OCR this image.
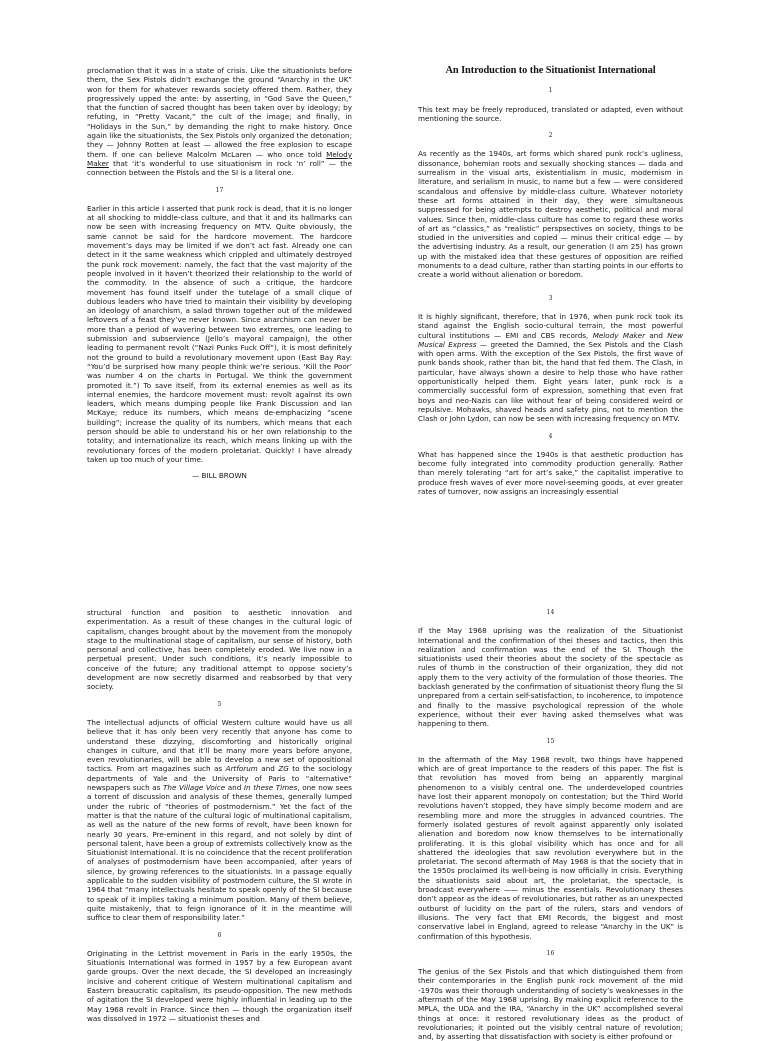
proclamation that it was in a state of crisis. Like the situationists before them, the Sex Pistols didn’t exchange the ground “Anarchy in the UK” won for them for whatever rewards society offered them. Rather, they progressively upped the ante: by asserting, in “God Save the Queen,” that the function of sacred thought has been taken over by ideology; by refuting, in “Pretty Vacant,” the cult of the image; and finally, in “Holidays in the Sun,” by demanding the right to make history. Once again like the situationists, the Sex Pistols only organized the detonation; they — Johnny Rotten at least — allowed the free explosion to escape them. If one can believe Malcolm McLaren — who once told Melody Maker that ‘it’s wonderful to use situationism in rock ‘n’ roll” — the connection between the Pistols and the SI is a literal one.

17

Earlier in this article I asserted that punk rock is dead, that it is no longer at all shocking to middle-class culture, and that it and its hallmarks can now be seen with increasing frequency on MTV. Quite obviously, the same cannot be said for the hardcore movement. The hardcore movement’s days may be limited if we don’t act fast. Already one can detect in it the same weakness which crippled and ultimately destroyed the punk rock movement: namely, the fact that the vast majority of the people involved in it haven’t theorized their relationship to the world of the commodity. In the absence of such a critique, the hardcore movement has found itself under the tutelage of a small clique of dubious leaders who have tried to maintain their visibility by developing an ideology of anarchism, a salad thrown together out of the mildewed leftovers of a feast they’ve never known. Since anarchism can never be more than a period of wavering between two extremes, one leading to submission and subservience (Jello’s mayoral campaign), the other leading to permanent revolt (“Nazi Punks Fuck Off”), it is most definitely not the ground to build a revolutionary movement upon (East Bay Ray: “You’d be surprised how many people think we’re serious. ‘Kill the Poor’ was number 4 on the charts in Portugal. We think the government promoted it.”) To save itself, from its external enemies as well as its internal enemies, the hardcore movement must: revolt against its own leaders, which means dumping people like Frank Discussion and Ian McKaye; reduce its numbers, which means de-emphacizing “scene building”; increase the quality of its numbers, which means that each person should be able to understand his or her own relationship to the totality; and internationalize its reach, which means linking up with the revolutionary forces of the modern proletariat. Quickly! I have already taken up too much of your time.

— BILL BROWN
An Introduction to the Situationist International
1

This text may be freely reproduced, translated or adapted, even without mentioning the source.

2

As recently as the 1940s, art forms which shared punk rock’s ugliness, dissonance, bohemian roots and sexually shocking stances — dada and surrealism in the visual arts, existentialism in music, modernism in literature, and serialism in music, to name but a few — were considered scandalous and offensive by middle-class culture. Whatever notoriety these art forms attained in their day, they were simultaneous suppressed for being attempts to destroy aesthetic, political and moral values. Since then, middle-class culture has come to regard these works of art as “classics,” as “realistic” perspsectives on society, things to be studied in the universities and copied — minus their critical edge — by the advertising industry. As a result, our generation (I am 25) has grown up with the mistaked idea that these gestures of opposition are reified monuments to a dead culture, rather than starting points in our efforts to create a world without alienation or boredom.

3

It is highly significant, therefore, that in 1976, when punk rock took its stand against the English socio-cultural terrain, the most powerful cultural institutions — EMI and CBS records, Melody Maker and New Musical Express — greeted the Damned, the Sex Pistols and the Clash with open arms. With the exception of the Sex Pistols, the first wave of punk bands shook, rather than bit, the hand that fed them. The Clash, in particular, have always shown a desire to help those who have rather opportunistically helped them. Eight years later, punk rock is a commercially successful form of expression, something that even frat boys and neo-Nazis can like without fear of being considered weird or repulsive. Mohawks, shaved heads and safety pins, not to mention the Clash or John Lydon, can now be seen with increasing frequency on MTV.

4

What has happened since the 1940s is that aesthetic production has become fully integrated into commodity production generally. Rather than merely tolerating “art for art’s sake,” the capitalist imperative to produce fresh waves of ever more novel-seeming goods, at ever greater rates of turnover, now assigns an increasingly essential

structural function and position to aesthetic innovation and experimentation. As a result of these changes in the cultural logic of capitalism, changes brought about by the movement from the monopoly stage to the multinational stage of capitalism, our sense of history, both personal and collective, has been completely eroded. We live now in a perpetual present. Under such conditions, it’s nearly impossible to conceive of the future; any traditional attempt to oppose society’s development are now secretly disarmed and reabsorbed by that very society.

5

The intellectual adjuncts of official Western culture would have us all believe that it has only been very recently that anyone has come to understand these dizzying, discomforting and historically original changes in culture, and that it’ll be many more years before anyone, even revolutionaries, will be able to develop a new set of oppositional tactics. From art magazines such as Artforum and ZG to the sociology departments of Yale and the University of Paris to “alternative” newspapers such as The Village Voice and In these Times, one now sees a torrent of discussion and analysis of these themes, generally lumped under the rubric of “theories of postmodernism.” Yet the fact of the matter is that the nature of the cultural logic of multinational capitalism, as well as the nature of the new forms of revolt, have been known for nearly 30 years. Pre-eminent in this regard, and not solely by dint of personal talent, have been a group of extremists collectively know as the Situationist International. It is no coincidence that the recent proliferation of analyses of postmodernism have been accompanied, after years of silence, by growing references to the situationists. In a passage equally applicable to the sudden visibility of postmodern culture, the SI wrote in 1964 that “many intellectuals hesitate to speak openly of the SI because to speak of it implies taking a minimum position. Many of them believe, quite mistakenly, that to feign ignorance of it in the meantime will suffice to clear them of responsibility later.”

6

Originating in the Lettrist movement in Paris in the early 1950s, the Situationis International was formed in 1957 by a few European avant garde groups. Over the next decade, the SI developed an increasingly incisive and coherent critique of Western multinational capitalism and Eastern breaucratic capitalism, its pseudo-opposition. The new methods of agitation the SI developed were highly influential in leading up to the May 1968 revolt in France. Since then — though the organization itself was dissolved in 1972 — situationist theses and

14

If the May 1968 uprising was the realization of the Situationist International and the confirmation of thei theses and tactics, then this realization and confirmation was the end of the SI. Though the situationists used their theories about the society of the spectacle as rules of thumb in the construction of their organization, they did not apply them to the very activity of the formulation of those theories. The backlash generated by the confirmation of situationist theory flung the SI unprepared from a certain self-satisfaction, to incoherence, to impotence and finally to the massive psychological repression of the whole experience, without their ever having asked themselves what was happening to them.

15

In the aftermath of the May 1968 revolt, two things have happened which are of great importance to the readers of this paper. The fist is that revolution has moved from being an apparently marginal phenomenon to a visibly central one. The underdeveloped countries have lost their apparent monopoly on contestation; but the Third World revolutions haven’t stopped, they have simply become modern and are resembling more and more the struggles in advanced countries. The formerly isolated gestures of revolt against apparently only isolated alienation and boredom now know themselves to be internationally proliferating. It is this global visibility which has once and for all shattered the ideologies that saw revolution everywhere but in the proletariat. The second aftermath of May 1968 is that the society that in the 1950s proclaimed its well-being is now officially in crisis. Everything the situationists said about art, the proletariat, the spectacle, is broadcast everywhere —— minus the essentials. Revolutionary theses don’t appear as the ideas of revolutionaries, but rather as an unexpected outburst of lucidity on the part of the rulers, stars and vendors of illusions. The very fact that EMI Records, the biggest and most conservative label in England, agreed to release “Anarchy in the UK” is confirmation of this hypothesis.

16

The genius of the Sex Pistols and that which distinguished them from their contemporaries in the English punk rock movement of the mid -1970s was their thorough understanding of society’s weaknesses in the aftermath of the May 1968 uprising. By making explicit reference to the MPLA, the UDA and the IRA, “Anarchy in the UK” accomplished several things at once: it restored revolutionary ideas as the product of revolutionaries; it pointed out the visibly central nature of revolution; and, by asserting that dissatisfaction with society is either profound or
